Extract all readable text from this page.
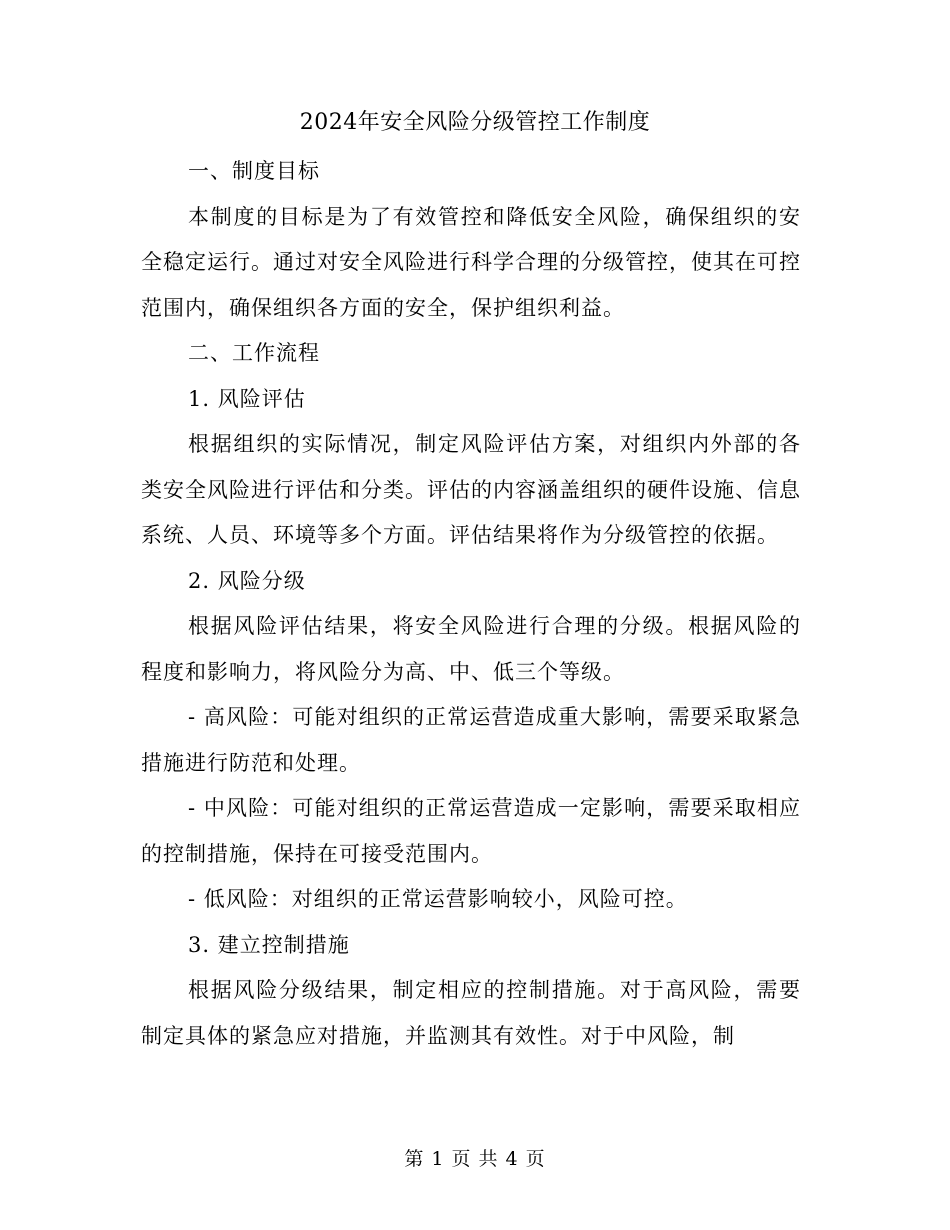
2024年安全风险分级管控工作制度

一、制度目标

本制度的目标是为了有效管控和降低安全风险，确保组织的安全稳定运行。通过对安全风险进行科学合理的分级管控，使其在可控范围内，确保组织各方面的安全，保护组织利益。

二、工作流程

1. 风险评估

根据组织的实际情况，制定风险评估方案，对组织内外部的各类安全风险进行评估和分类。评估的内容涵盖组织的硬件设施、信息系统、人员、环境等多个方面。评估结果将作为分级管控的依据。

2. 风险分级

根据风险评估结果，将安全风险进行合理的分级。根据风险的程度和影响力，将风险分为高、中、低三个等级。

- 高风险：可能对组织的正常运营造成重大影响，需要采取紧急措施进行防范和处理。

- 中风险：可能对组织的正常运营造成一定影响，需要采取相应的控制措施，保持在可接受范围内。

- 低风险：对组织的正常运营影响较小，风险可控。

3. 建立控制措施

根据风险分级结果，制定相应的控制措施。对于高风险，需要制定具体的紧急应对措施，并监测其有效性。对于中风险，制

第 1 页 共 4 页
